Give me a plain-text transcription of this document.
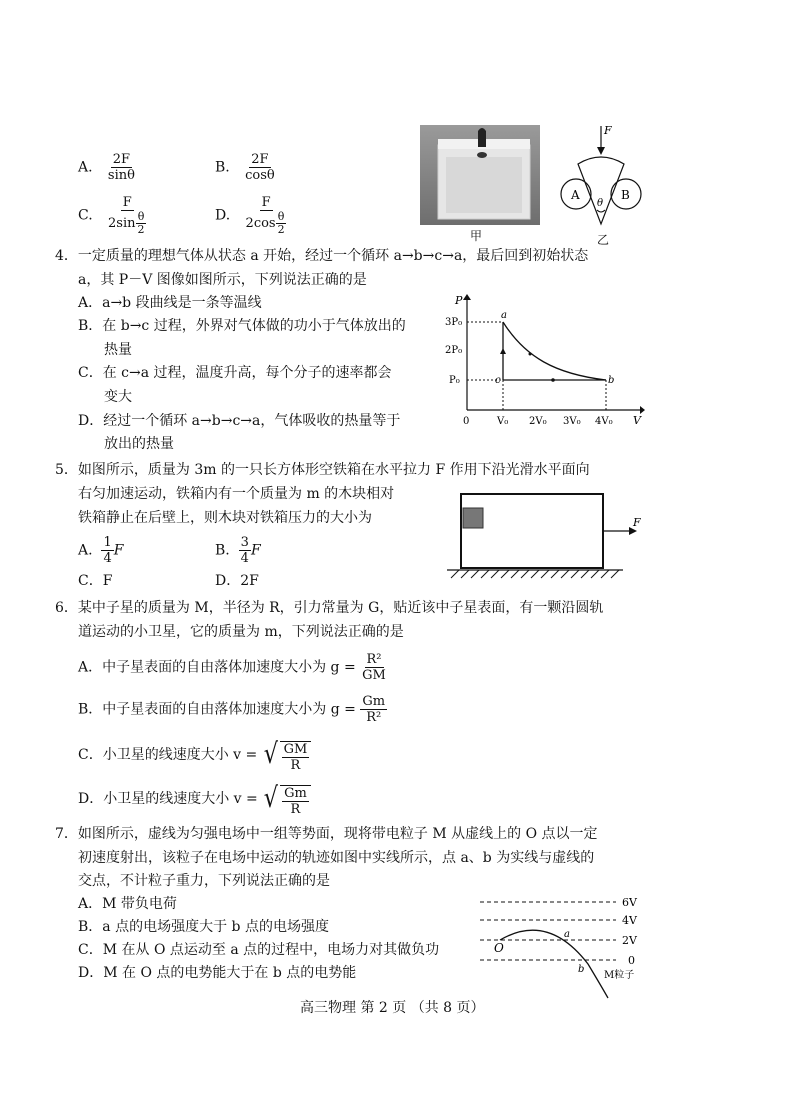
A. $\frac{2F}{\sin\theta}$	B. $\frac{2F}{\cos\theta}$
C. $\frac{F}{2\sin \frac{\theta}{2}}$	D. $\frac{F}{2\cos \frac{\theta}{2}}$	甲
F
A	B
θ
乙
4．一定质量的理想气体从状态 a 开始，经过一个循环 a→b→c→a，最后回到初始状态
a，其 P－V 图像如图所示，下列说法正确的是
A．a→b 段曲线是一条等温线
B．在 b→c 过程，外界对气体做的功小于气体放出的
热量
C．在 c→a 过程，温度升高，每个分子的速率都会
变大
D．经过一个循环 a→b→c→a，气体吸收的热量等于
放出的热量
P
V
0
3P₀
2P₀
P₀
V₀ 2V₀ 3V₀ 4V₀
a
b
c
5．如图所示，质量为 3m 的一只长方体形空铁箱在水平拉力 F 作用下沿光滑水平面向
右匀加速运动，铁箱内有一个质量为 m 的木块相对
铁箱静止在后壁上，则木块对铁箱压力的大小为
A. $\frac{1}{4}$ F	B. $\frac{3}{4}$ F
C．F	D．2F
F
6．某中子星的质量为 M，半径为 R，引力常量为 G，贴近该中子星表面，有一颗沿圆轨
道运动的小卫星，它的质量为 m，下列说法正确的是
A．中子星表面的自由落体加速度大小为 $g = \frac{\text{R²}}{GM}$
B．中子星表面的自由落体加速度大小为 $g = \frac{Gm}{\text{R²}}$
C．小卫星的线速度大小 v = √ $\frac{GM}{R}$
D．小卫星的线速度大小 v = √ $\frac{Gm}{R}$
7．如图所示，虚线为匀强电场中一组等势面，现将带电粒子 M 从虚线上的 O 点以一定
初速度射出，该粒子在电场中运动的轨迹如图中实线所示，点 a、b 为实线与虚线的
交点，不计粒子重力，下列说法正确的是
A．M 带负电荷
B．a 点的电场强度大于 b 点的电场强度
C．M 在从 O 点运动至 a 点的过程中，电场力对其做负功
D．M 在 O 点的电势能大于在 b 点的电势能
6V
4V
2V
0
O
a
b
M粒子
高三物理 第 2 页 （共 8 页）
